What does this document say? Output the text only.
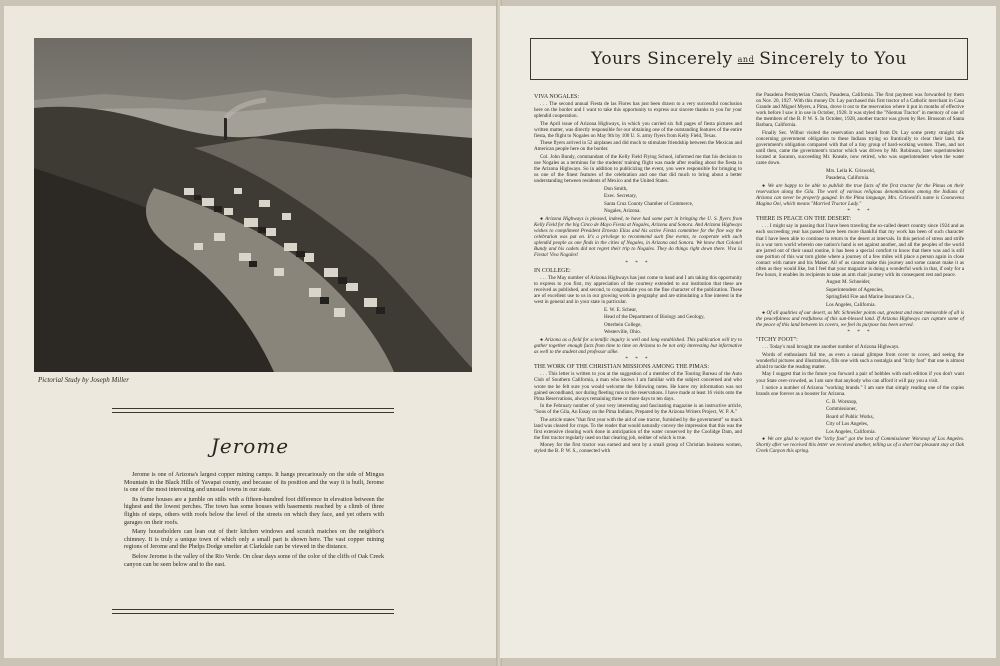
Pictorial Study by Joseph Miller
Jerome

Jerome is one of Arizona's largest copper mining camps. It hangs precariously on the side of Mingus Mountain in the Black Hills of Yavapai county, and because of its position and the way it is built, Jerome is one of the most interesting and unusual towns in our state.

Its frame houses are a jumble on stilts with a fifteen-hundred foot difference in elevation between the highest and the lowest perches. The town has some houses with basements reached by a climb of three flights of steps, others with roofs below the level of the streets on which they face, and yet others with garages on their roofs.

Many householders can lean out of their kitchen windows and scratch matches on the neighbor's chimney. It is truly a unique town of which only a small part is shown here. The vast copper mining regions of Jerome and the Phelps Dodge smelter at Clarkdale can be viewed in the distance.

Below Jerome is the valley of the Rio Verde. On clear days some of the color of the cliffs of Oak Creek canyon can be seen below and to the east.

Yours Sincerely and Sincerely to You

VIVA NOGALES:

. . . The second annual Fiesta de las Flores has just been drawn to a very successful conclusion here on the border and I want to take this opportunity to express our sincere thanks to you for your splendid cooperation.

The April issue of Arizona Highways, in which you carried six full pages of fiesta pictures and written matter, was directly responsible for our obtaining one of the outstanding features of the entire fiesta, the flight to Nogales on May 9th by 100 U. S. army flyers from Kelly Field, Texas.

These flyers arrived in 52 airplanes and did much to stimulate friendship between the Mexican and American people here on the border.

Col. John Bundy, commandant of the Kelly Field Flying School, informed me that his decision to use Nogales as a terminus for the students' training flight was made after reading about the fiesta in the Arizona Highways. So in addition to publicizing the event, you were responsible for bringing to us one of the finest features of the celebration and one that did much to bring about a better understanding between residents of Mexico and the United States.

Don Smith,

Exec. Secretary,

Santa Cruz County Chamber of Commerce,

Nogales, Arizona.

● Arizona Highways is pleased, indeed, to have had some part in bringing the U. S. flyers from Kelly Field for the big Cinco de Mayo Fiesta at Nogales, Arizona and Sonora. And Arizona Highways wishes to compliment President Ernesto Elias and his active Fiesta committee for the fine way the celebration was put on. It's a privilege to recommend such fine events, to cooperate with such splendid people as one finds in the cities of Nogales, in Arizona and Sonora. We know that Colonel Bundy and his cadets did not regret their trip to Nogales. They do things right down there. Viva la Fiesta! Viva Nogales!

* * *

IN COLLEGE:

. . . The May number of Arizona Highways has just come to hand and I am taking this opportunity to express to you first, my appreciation of the courtesy extended to our institution that these are received as published, and second, to congratulate you on the fine character of the publication. These are of excellent use to us in our growing work in geography and are stimulating a fine interest in the west in general and in your state in particular.

E. W. E. Schear,

Head of the Department of Biology and Geology,

Otterbein College,

Westerville, Ohio.

● Arizona as a field for scientific inquiry is well and long established. This publication will try to gather together enough facts from time to time on Arizona to be not only interesting but informative as well to the student and professor alike.

* * *

THE WORK OF THE CHRISTIAN MISSIONS AMONG THE PIMAS:

. . . This letter is written to you at the suggestion of a member of the Touring Bureau of the Auto Club of Southern California, a man who knows I am familiar with the subject concerned and who wrote me he felt sure you would welcome the following notes. He knew my information was not gained secondhand, nor during fleeting runs to the reservations. I have made at least 16 visits onto the Pima Reservations, always remaining three or more days to ten days.

In the February number of your very interesting and fascinating magazine is an instructive article, "Sons of the Gila, An Essay on the Pima Indians, Prepared by the Arizona Writers Project, W. P. A."

The article states "that first year with the aid of one tractor, furnished by the government" so much land was cleared for crops. To the reader that would naturally convey the impression that this was the first extensive clearing work done in anticipation of the water conserved by the Coolidge Dam, and the first tractor regularly used on that clearing job, neither of which is true.

Money for the first tractor was earned and sent by a small group of Christian business women, styled the B. P. W. S., connected with

the Pasadena Presbyterian Church, Pasadena, California. The first payment was forwarded by them on Nov. 20, 1927. With this money Dr. Lay purchased this first tractor of a Catholic merchant in Casa Grande and Miguel Myers, a Pima, drove it out to the reservation where it put in months of effective work before I saw it in use in October, 1928. It was styled the "Nieman Tractor" in memory of one of the members of the B. P. W. S. In October, 1928, another tractor was given by Rev. Brossom of Santa Barbara, California.

Finally Sec. Wilbur visited the reservation and heard from Dr. Lay some pretty straight talk concerning government obligation to these Indians trying so frantically to clear their land, the government's obligation compared with that of a tiny group of hard-working women. Then, and not until then, came the government's tractor which was driven by Mr. Robinson, later superintendent located at Sacaton, succeeding Mr. Kneale, now retired, who was superintendent when the water came down.

Mrs. Leila K. Griswold,

Pasadena, California.

● We are happy to be able to publish the true facts of the first tractor for the Pimas on their reservation along the Gila. The work of various religious denominations among the Indians of Arizona can never be properly gauged. In the Pima language, Mrs. Griswold's name is Coonavena Magina Ooi, which means "Married Tractor Lady."

* * *

THERE IS PEACE ON THE DESERT:

. . . I might say in passing that I have been traveling the so-called desert country since 1924 and as each succeeding year has passed have been more thankful that my work has been of such character that I have been able to continue to return to the desert at intervals. In this period of stress and strife in a war torn world wherein one nation's hand is set against another, and all the peoples of the world are jarred out of their usual routine, it has been a special comfort to know that there was and is still one portion of this war torn globe where a journey of a few miles will place a person again in close contact with nature and his Maker. All of us cannot make this journey and some cannot make it as often as they would like, but I feel that your magazine is doing a wonderful work in that, if only for a few hours, it enables its recipients to take an arm chair journey with its consequent rest and peace.

August M. Schneider,

Superintendent of Agencies,

Springfield Fire and Marine Insurance Co.,

Los Angeles, California.

● Of all qualities of our desert, as Mr. Schneider points out, greatest and most memorable of all is the peacefulness and restfulness of this sun-blessed land. If Arizona Highways can capture some of the peace of this land between its covers, we feel its purpose has been served.

* * *

"ITCHY FOOT":

. . . Today's mail brought me another number of Arizona Highways.

Words of enthusiasm fail me, as even a casual glimpse from cover to cover, and seeing the wonderful pictures and illustrations, fills one with such a nostalgia and "itchy foot" that one is almost afraid to tackle the reading matter.

May I suggest that in the future you forward a pair of hobbles with each edition if you don't want your State over-crowded, as I am sure that anybody who can afford it will pay you a visit.

I notice a number of Arizona "working brands." I am sure that simply reading one of the copies brands one forever as a booster for Arizona.

C. B. Worsnop,

Commissioner,

Board of Public Works,

City of Los Angeles,

Los Angeles, California.

● We are glad to report the "itchy foot" got the best of Commissioner Worsnop of Los Angeles. Shortly after we received this letter we received another, telling us of a short but pleasant stay at Oak Creek Canyon this spring.
